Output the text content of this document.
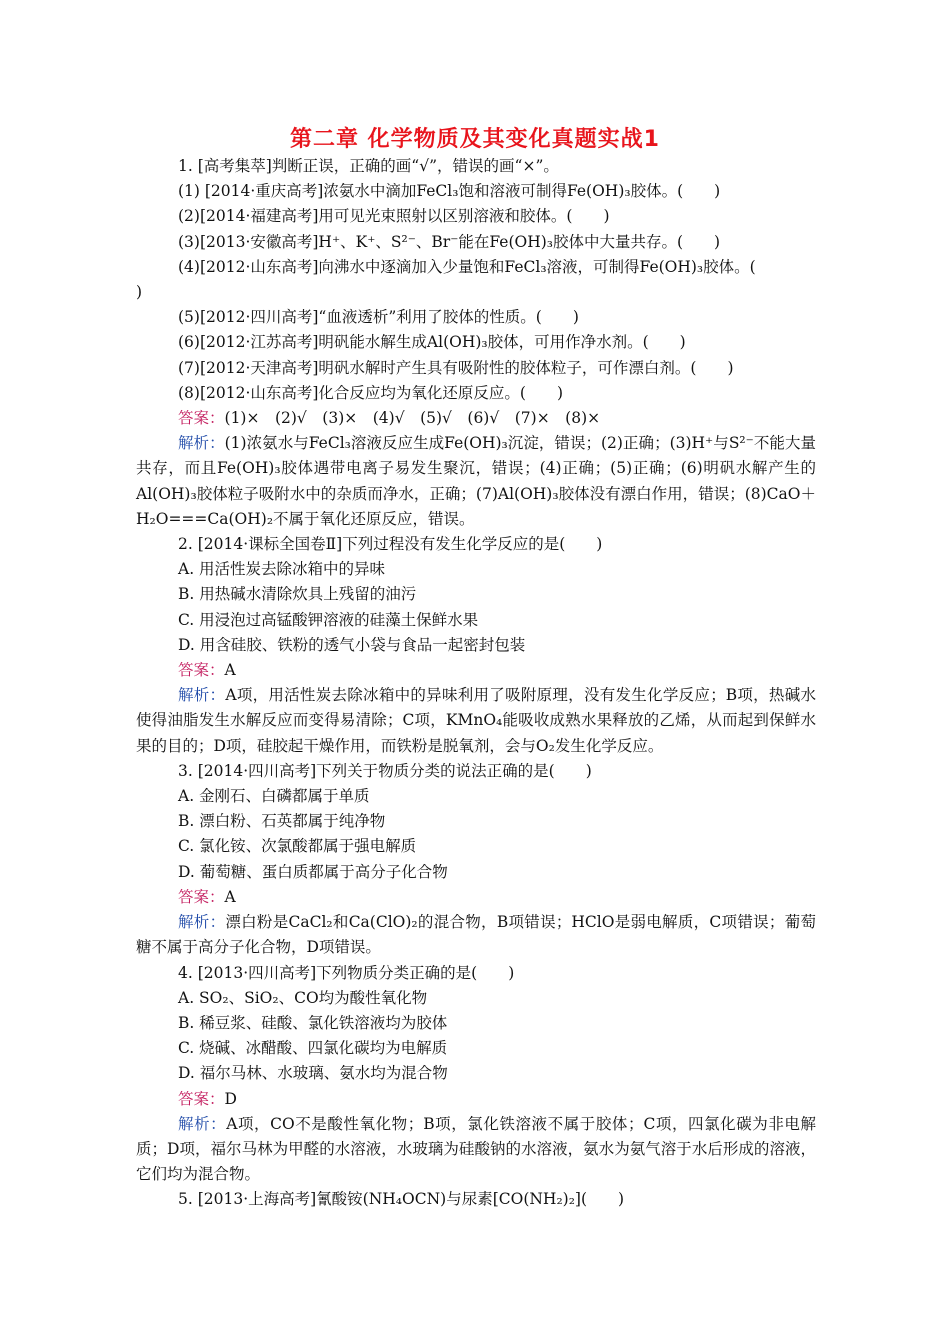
第二章 化学物质及其变化真题实战1
1. [高考集萃]判断正误，正确的画“√”，错误的画“×”。
(1) [2014·重庆高考]浓氨水中滴加FeCl₃饱和溶液可制得Fe(OH)₃胶体。(　　)
(2)[2014·福建高考]用可见光束照射以区别溶液和胶体。(　　)
(3)[2013·安徽高考]H⁺、K⁺、S²⁻、Br⁻能在Fe(OH)₃胶体中大量共存。(　　)
(4)[2012·山东高考]向沸水中逐滴加入少量饱和FeCl₃溶液，可制得Fe(OH)₃胶体。(
)
(5)[2012·四川高考]“血液透析”利用了胶体的性质。(　　)
(6)[2012·江苏高考]明矾能水解生成Al(OH)₃胶体，可用作净水剂。(　　)
(7)[2012·天津高考]明矾水解时产生具有吸附性的胶体粒子，可作漂白剂。(　　)
(8)[2012·山东高考]化合反应均为氧化还原反应。(　　)
答案：(1)×　(2)√　(3)×　(4)√　(5)√　(6)√　(7)×　(8)×
解析：(1)浓氨水与FeCl₃溶液反应生成Fe(OH)₃沉淀，错误；(2)正确；(3)H⁺与S²⁻不能大量共存，而且Fe(OH)₃胶体遇带电离子易发生聚沉，错误；(4)正确；(5)正确；(6)明矾水解产生的Al(OH)₃胶体粒子吸附水中的杂质而净水，正确；(7)Al(OH)₃胶体没有漂白作用，错误；(8)CaO＋H₂O===Ca(OH)₂不属于氧化还原反应，错误。
2. [2014·课标全国卷Ⅱ]下列过程没有发生化学反应的是(　　)
A. 用活性炭去除冰箱中的异味
B. 用热碱水清除炊具上残留的油污
C. 用浸泡过高锰酸钾溶液的硅藻土保鲜水果
D. 用含硅胶、铁粉的透气小袋与食品一起密封包装
答案：A
解析：A项，用活性炭去除冰箱中的异味利用了吸附原理，没有发生化学反应；B项，热碱水使得油脂发生水解反应而变得易清除；C项，KMnO₄能吸收成熟水果释放的乙烯，从而起到保鲜水果的目的；D项，硅胶起干燥作用，而铁粉是脱氧剂，会与O₂发生化学反应。
3. [2014·四川高考]下列关于物质分类的说法正确的是(　　)
A. 金刚石、白磷都属于单质
B. 漂白粉、石英都属于纯净物
C. 氯化铵、次氯酸都属于强电解质
D. 葡萄糖、蛋白质都属于高分子化合物
答案：A
解析：漂白粉是CaCl₂和Ca(ClO)₂的混合物，B项错误；HClO是弱电解质，C项错误；葡萄糖不属于高分子化合物，D项错误。
4. [2013·四川高考]下列物质分类正确的是(　　)
A. SO₂、SiO₂、CO均为酸性氧化物
B. 稀豆浆、硅酸、氯化铁溶液均为胶体
C. 烧碱、冰醋酸、四氯化碳均为电解质
D. 福尔马林、水玻璃、氨水均为混合物
答案：D
解析：A项，CO不是酸性氧化物；B项，氯化铁溶液不属于胶体；C项，四氯化碳为非电解质；D项，福尔马林为甲醛的水溶液，水玻璃为硅酸钠的水溶液，氨水为氨气溶于水后形成的溶液，它们均为混合物。
5. [2013·上海高考]氰酸铵(NH₄OCN)与尿素[CO(NH₂)₂](　　)
